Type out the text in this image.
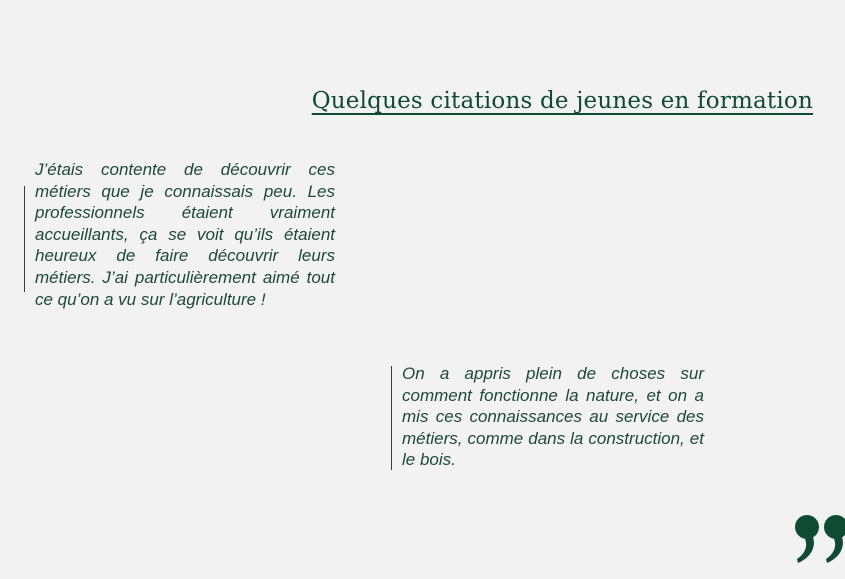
Quelques citations de jeunes en formation

J’étais contente de découvrir ces métiers que je connaissais peu. Les professionnels étaient vraiment accueillants, ça se voit qu’ils étaient heureux de faire découvrir leurs métiers. J’ai particulièrement aimé tout ce qu’on a vu sur l’agriculture !

On a appris plein de choses sur comment fonctionne la nature, et on a mis ces connaissances au service des métiers, comme dans la construction, et le bois.
